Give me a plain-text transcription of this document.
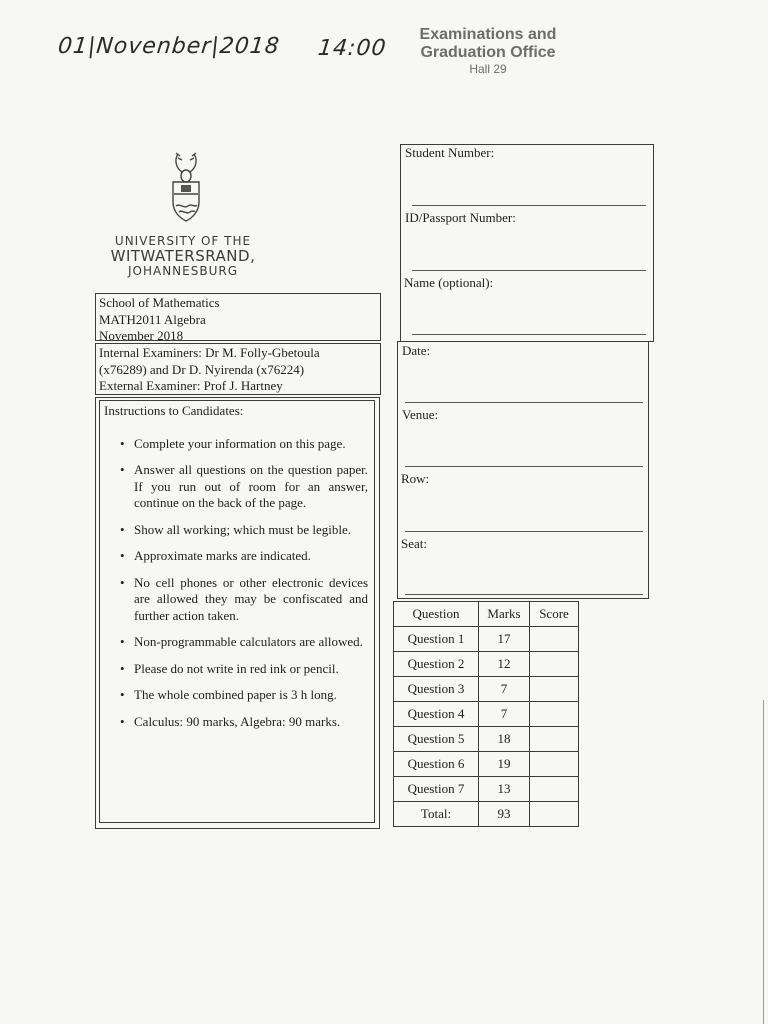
01|Novenber|2018 14:00
Examinations and
Graduation Office
Hall 29
UNIVERSITY OF THE
WITWATERSRAND,
JOHANNESBURG
School of Mathematics
MATH2011 Algebra
November 2018
Internal Examiners: Dr M. Folly-Gbetoula
(x76289) and Dr D. Nyirenda (x76224)
External Examiner: Prof J. Hartney
Instructions to Candidates:
• Complete your information on this page.
• Answer all questions on the question paper. If you run out of room for an answer, continue on the back of the page.
• Show all working; which must be legible.
• Approximate marks are indicated.
• No cell phones or other electronic devices are allowed they may be confiscated and further action taken.
• Non-programmable calculators are allowed.
• Please do not write in red ink or pencil.
• The whole combined paper is 3 h long.
• Calculus: 90 marks, Algebra: 90 marks.
Student Number:
ID/Passport Number:
Name (optional):
Date:
Venue:
Row:
Seat:
Question	Marks	Score
Question 1	17	
Question 2	12	
Question 3	7	
Question 4	7	
Question 5	18	
Question 6	19	
Question 7	13	
Total:	93	
